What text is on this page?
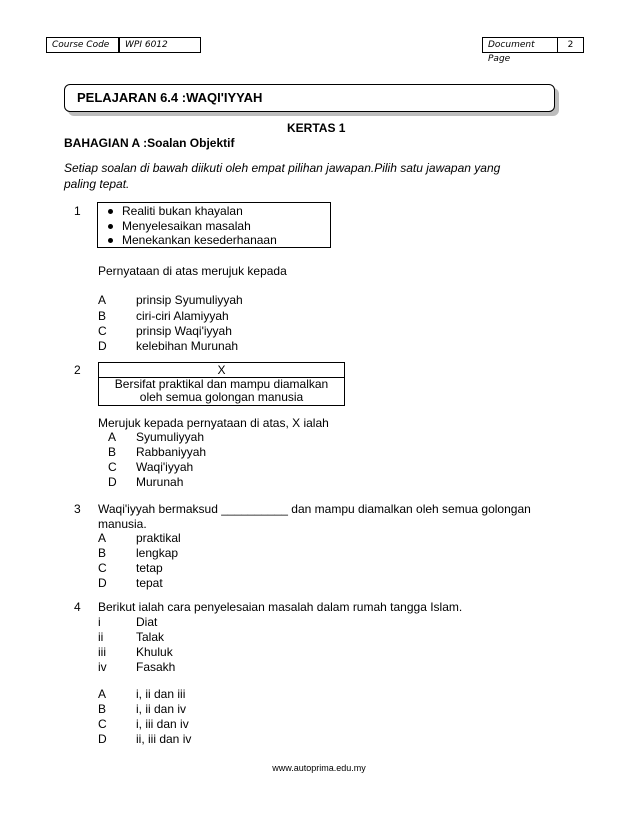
Course Code	WPI 6012	Document Page
2
PELAJARAN 6.4 :WAQI'IYYAH
KERTAS 1
BAHAGIAN A :Soalan Objektif
Setiap soalan di bawah diikuti oleh empat pilihan jawapan.Pilih satu jawapan yang
paling tepat.
1	Realiti bukan khayalan
Menyelesaikan masalah
Menekankan kesederhanaan
Pernyataan di atas merujuk kepada
A prinsip Syumuliyyah
B ciri-ciri Alamiyyah
C prinsip Waqi'iyyah
D kelebihan Murunah
2	X
Bersifat praktikal dan mampu diamalkan
oleh semua golongan manusia
Merujuk kepada pernyataan di atas, X ialah
A Syumuliyyah
B Rabbaniyyah
C Waqi'iyyah
D Murunah
3 Waqi'iyyah bermaksud __________ dan mampu diamalkan oleh semua golongan
manusia.
A praktikal
B lengkap
C tetap
D tepat
4 Berikut ialah cara penyelesaian masalah dalam rumah tangga Islam.
i	Diat
ii	Talak
iii	Khuluk
iv Fasakh
A i, ii dan iii
B i, ii dan iv
C i, iii dan iv
D ii, iii dan iv
www.autoprima.edu.my
